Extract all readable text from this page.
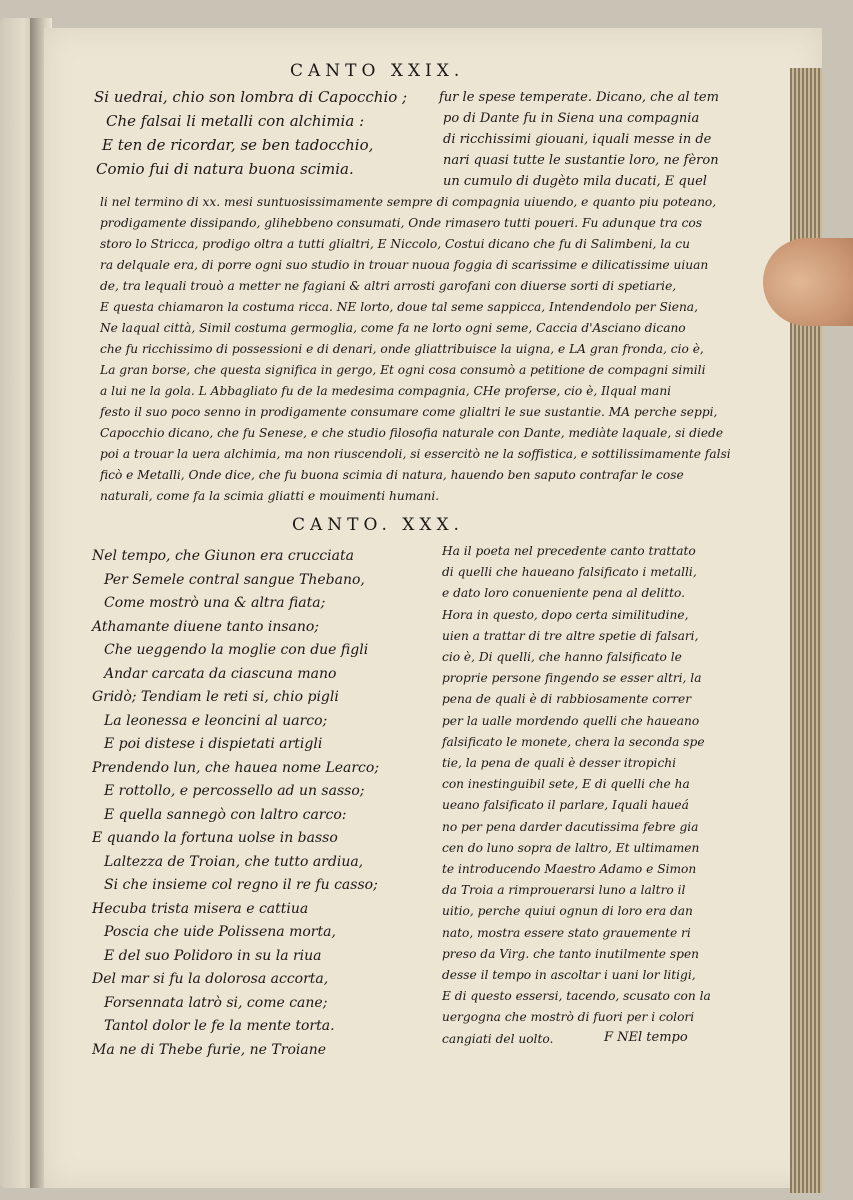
CANTO XXIX.
Si uedrai, chio son lombra di Capocchio ;
Che falsai li metalli con alchimia :
E ten de ricordar, se ben tadocchio,
Comio fui di natura buona scimia.
fur le spese temperate. Dicano, che al tem
po di Dante fu in Siena una compagnia
di ricchissimi giouani, iquali messe in de
nari quasi tutte le sustantie loro, ne fèron
un cumulo di dugèto mila ducati, E quel
li nel termino di xx. mesi suntuosissimamente sempre di compagnia uiuendo, e quanto piu poteano,
prodigamente dissipando, glihebbeno consumati, Onde rimasero tutti poueri. Fu adunque tra cos
storo lo Stricca, prodigo oltra a tutti glialtri, E Niccolo, Costui dicano che fu di Salimbeni, la cu
ra delquale era, di porre ogni suo studio in trouar nuoua foggia di scarissime e dilicatissime uiuan
de, tra lequali trouò a metter ne fagiani & altri arrosti garofani con diuerse sorti di spetiarie,
E questa chiamaron la costuma ricca. NE lorto, doue tal seme sappicca, Intendendolo per Siena,
Ne laqual città, Simil costuma germoglia, come fa ne lorto ogni seme, Caccia d'Asciano dicano
che fu ricchissimo di possessioni e di denari, onde gliattribuisce la uigna, e LA gran fronda, cio è,
La gran borse, che questa significa in gergo, Et ogni cosa consumò a petitione de compagni simili
a lui ne la gola. L Abbagliato fu de la medesima compagnia, CHe proferse, cio è, Ilqual mani
festo il suo poco senno in prodigamente consumare come glialtri le sue sustantie. MA perche seppi,
Capocchio dicano, che fu Senese, e che studio filosofia naturale con Dante, mediàte laquale, si diede
poi a trouar la uera alchimia, ma non riuscendoli, si essercitò ne la soffistica, e sottilissimamente falsi
ficò e Metalli, Onde dice, che fu buona scimia di natura, hauendo ben saputo contrafar le cose
naturali, come fa la scimia gliatti e mouimenti humani.
CANTO. XXX.
Nel tempo, che Giunon era crucciata
Per Semele contral sangue Thebano,
Come mostrò una & altra fiata;
Athamante diuene tanto insano;
Che ueggendo la moglie con due figli
Andar carcata da ciascuna mano
Gridò; Tendiam le reti si, chio pigli
La leonessa e leoncini al uarco;
E poi distese i dispietati artigli
Prendendo lun, che hauea nome Learco;
E rottollo, e percossello ad un sasso;
E quella sannegò con laltro carco:
E quando la fortuna uolse in basso
Laltezza de Troian, che tutto ardiua,
Si che insieme col regno il re fu casso;
Hecuba trista misera e cattiua
Poscia che uide Polissena morta,
E del suo Polidoro in su la riua
Del mar si fu la dolorosa accorta,
Forsennata latrò si, come cane;
Tantol dolor le fe la mente torta.
Ma ne di Thebe furie, ne Troiane
Ha il poeta nel precedente canto trattato
di quelli che haueano falsificato i metalli,
e dato loro conueniente pena al delitto.
Hora in questo, dopo certa similitudine,
uien a trattar di tre altre spetie di falsari,
cio è, Di quelli, che hanno falsificato le
proprie persone fingendo se esser altri, la
pena de quali è di rabbiosamente correr
per la ualle mordendo quelli che haueano
falsificato le monete, chera la seconda spe
tie, la pena de quali è desser itropichi
con inestinguibil sete, E di quelli che ha
ueano falsificato il parlare, Iquali haueá
no per pena darder dacutissima febre gia
cen do luno sopra de laltro, Et ultimamen
te introducendo Maestro Adamo e Simon
da Troia a rimprouerarsi luno a laltro il
uitio, perche quiui ognun di loro era dan
nato, mostra essere stato grauemente ri
preso da Virg. che tanto inutilmente spen
desse il tempo in ascoltar i uani lor litigi,
E di questo essersi, tacendo, scusato con la
uergogna che mostrò di fuori per i colori
cangiati del uolto.	F NEl tempo
